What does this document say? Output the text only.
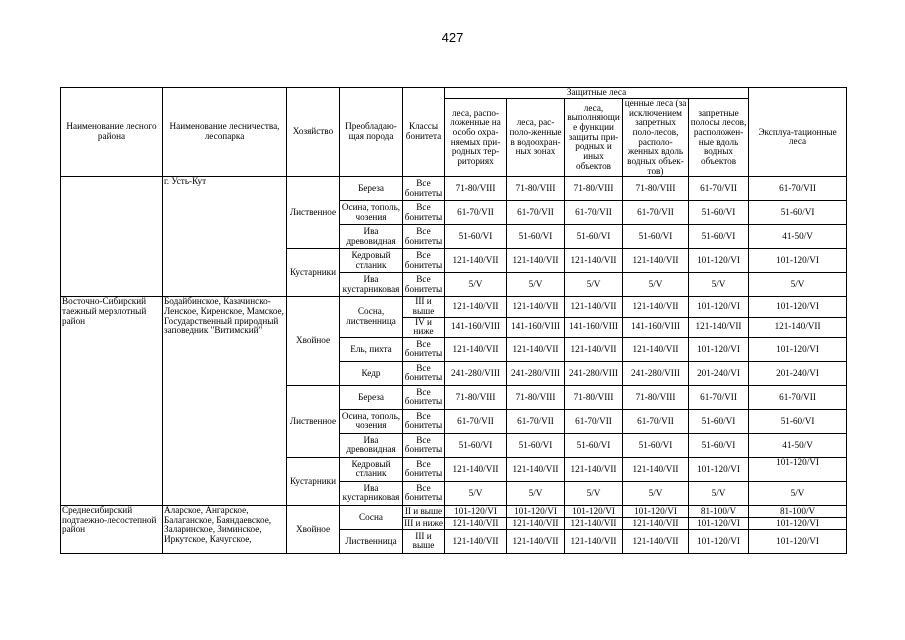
427
Наименование лесного района	Наименование лесничества, лесопарка	Хозяйство	Преобладаю-щая порода	Классы бонитета	Защитные леса					
					леса, распо-ложенные на особо охра-няемых при-родных тер-риториях	леса, рас-поло-женные в водоохран-ных зонах	леса, выполняющие функции защиты при-родных и иных объектов	ценные леса (за исключением запретных поло-лесов, располо-женных вдоль водных объек-тов)	запретные полосы лесов, расположен-ные вдоль водных объектов	Эксплуа-тационные леса
	г. Усть-Кут	Лиственное	Береза	Все бонитеты	71-80/VIII	71-80/VIII	71-80/VIII	71-80/VIII	61-70/VII	61-70/VII
			Осина, тополь, чозения	Все бонитеты	61-70/VII	61-70/VII	61-70/VII	61-70/VII	51-60/VI	51-60/VI
			Ива древовидная	Все бонитеты	51-60/VI	51-60/VI	51-60/VI	51-60/VI	51-60/VI	41-50/V
		Кустарники	Кедровый стланик	Все бонитеты	121-140/VII	121-140/VII	121-140/VII	121-140/VII	101-120/VI	101-120/VI
			Ива кустарниковая	Все бонитеты	5/V	5/V	5/V	5/V	5/V	5/V
Восточно-Сибирский таежный мерзлотный район	Бодайбинское, Казачинско-Ленское, Киренское, Мамское, Государственный природный заповедник "Витимский"	Хвойное	Сосна, лиственница	III и выше	121-140/VII	121-140/VII	121-140/VII	121-140/VII	101-120/VI	101-120/VI
				IV и ниже	141-160/VIII	141-160/VIII	141-160/VIII	141-160/VIII	121-140/VII	121-140/VII
			Ель, пихта	Все бонитеты	121-140/VII	121-140/VII	121-140/VII	121-140/VII	101-120/VI	101-120/VI
			Кедр	Все бонитеты	241-280/VIII	241-280/VIII	241-280/VIII	241-280/VIII	201-240/VI	201-240/VI

		Лиственное	Береза	Все бонитеты	71-80/VIII	71-80/VIII	71-80/VIII	71-80/VIII	61-70/VII	61-70/VII
			Осина, тополь, чозения	Все бонитеты	61-70/VII	61-70/VII	61-70/VII	61-70/VII	51-60/VI	51-60/VI
			Ива древовидная	Все бонитеты	51-60/VI	51-60/VI	51-60/VI	51-60/VI	51-60/VI	41-50/V
		Кустарники	Кедровый стланик	Все бонитеты	121-140/VII	121-140/VII	121-140/VII	121-140/VII	101-120/VI	101-120/VI
			Ива кустарниковая	Все бонитеты	5/V	5/V	5/V	5/V	5/V	5/V
Среднесибирский подтаежно-лесостепной район	Аларское, Ангарское, Балаганское, Баяндаевское, Заларинское, Зиминское, Иркутское, Качугское,	Хвойное	Сосна	II и выше	101-120/VI	101-120/VI	101-120/VI	101-120/VI	81-100/V	81-100/V
				III и ниже	121-140/VII	121-140/VII	121-140/VII	121-140/VII	101-120/VI	101-120/VI
			Лиственница	III и выше	121-140/VII	121-140/VII	121-140/VII	121-140/VII	101-120/VI	101-120/VI
